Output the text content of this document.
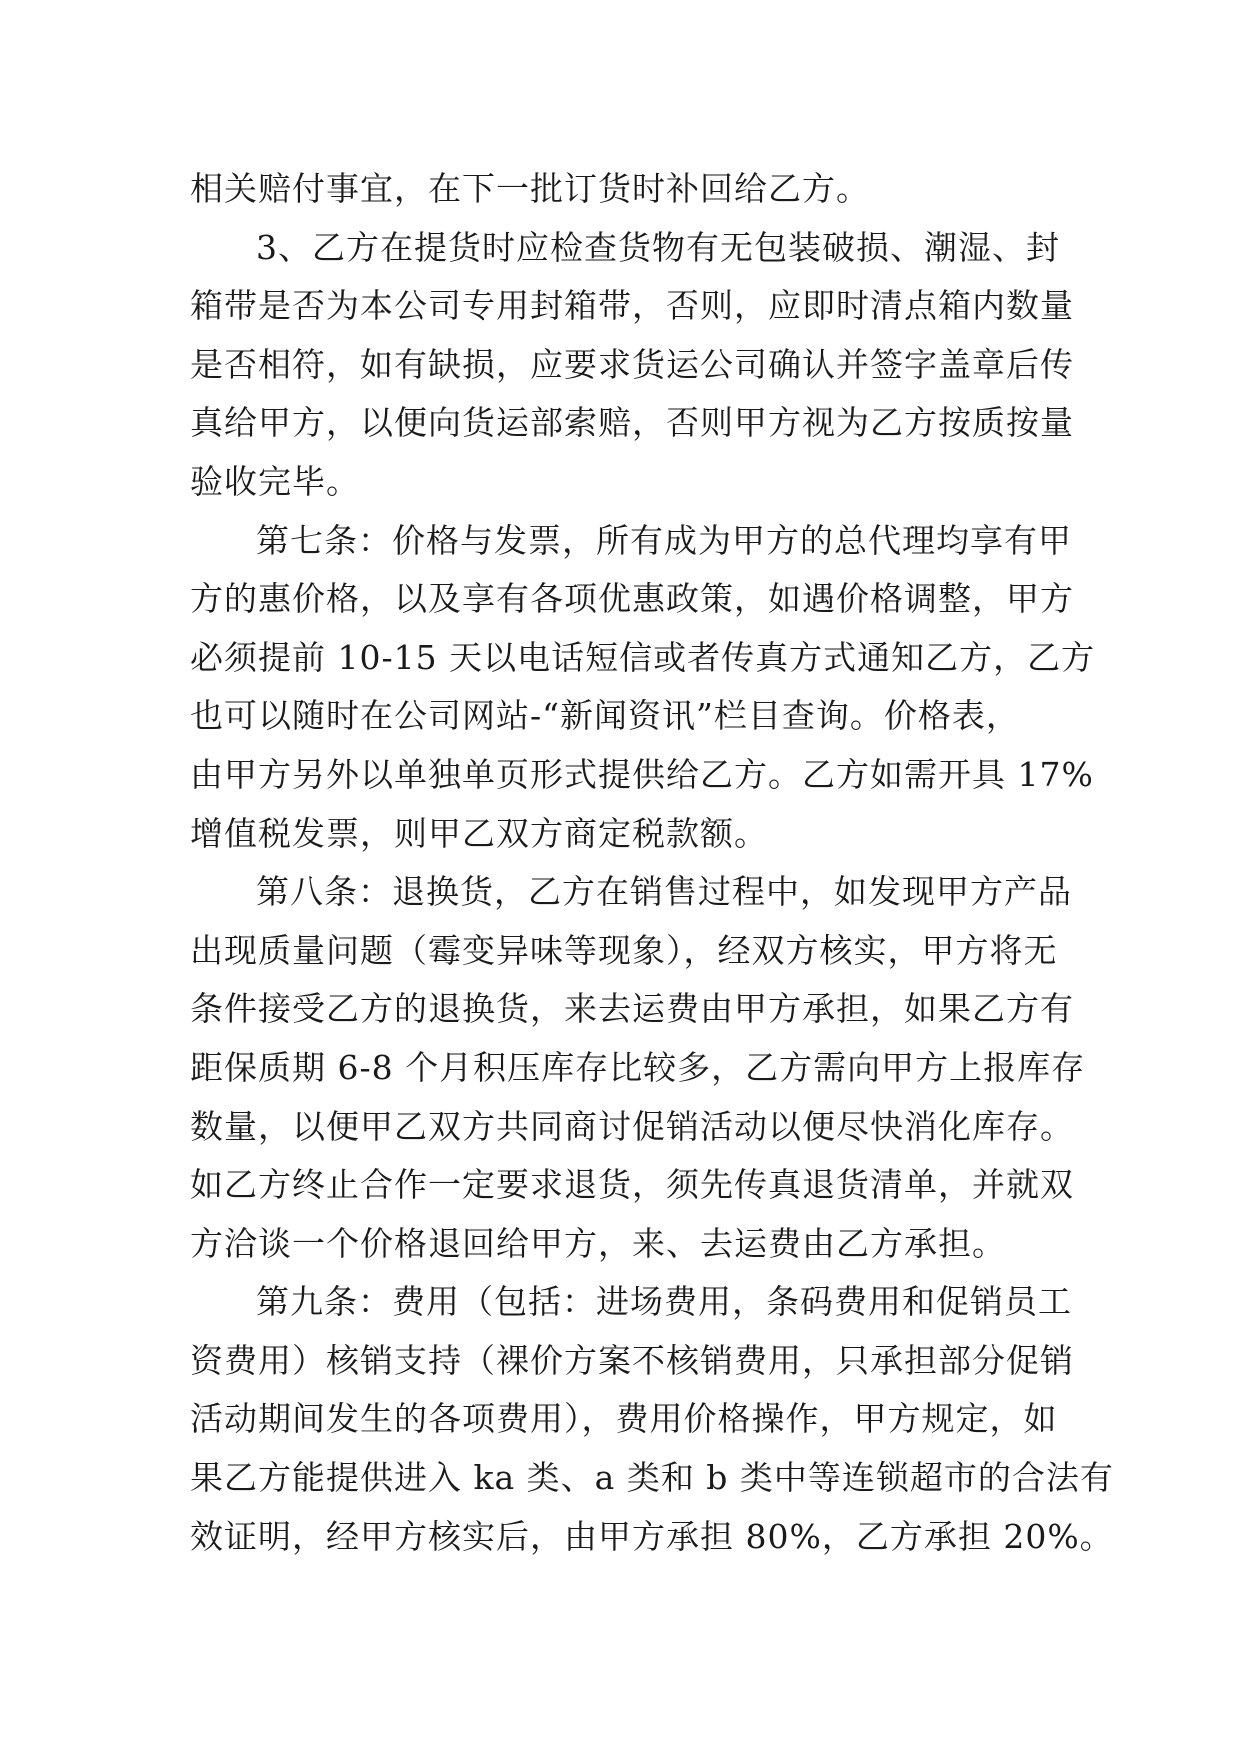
相关赔付事宜，在下一批订货时补回给乙方。
3、乙方在提货时应检查货物有无包装破损、潮湿、封
箱带是否为本公司专用封箱带，否则，应即时清点箱内数量
是否相符，如有缺损，应要求货运公司确认并签字盖章后传
真给甲方，以便向货运部索赔，否则甲方视为乙方按质按量
验收完毕。
第七条：价格与发票，所有成为甲方的总代理均享有甲
方的惠价格，以及享有各项优惠政策，如遇价格调整，甲方
必须提前 10-15 天以电话短信或者传真方式通知乙方，乙方
也可以随时在公司网站-“新闻资讯”栏目查询。价格表，
由甲方另外以单独单页形式提供给乙方。乙方如需开具 17%
增值税发票，则甲乙双方商定税款额。
第八条：退换货，乙方在销售过程中，如发现甲方产品
出现质量问题（霉变异味等现象），经双方核实，甲方将无
条件接受乙方的退换货，来去运费由甲方承担，如果乙方有
距保质期 6-8 个月积压库存比较多，乙方需向甲方上报库存
数量，以便甲乙双方共同商讨促销活动以便尽快消化库存。
如乙方终止合作一定要求退货，须先传真退货清单，并就双
方洽谈一个价格退回给甲方，来、去运费由乙方承担。
第九条：费用（包括：进场费用，条码费用和促销员工
资费用）核销支持（裸价方案不核销费用，只承担部分促销
活动期间发生的各项费用），费用价格操作，甲方规定，如
果乙方能提供进入 ka 类、a 类和 b 类中等连锁超市的合法有
效证明，经甲方核实后，由甲方承担 80%，乙方承担 20%。
